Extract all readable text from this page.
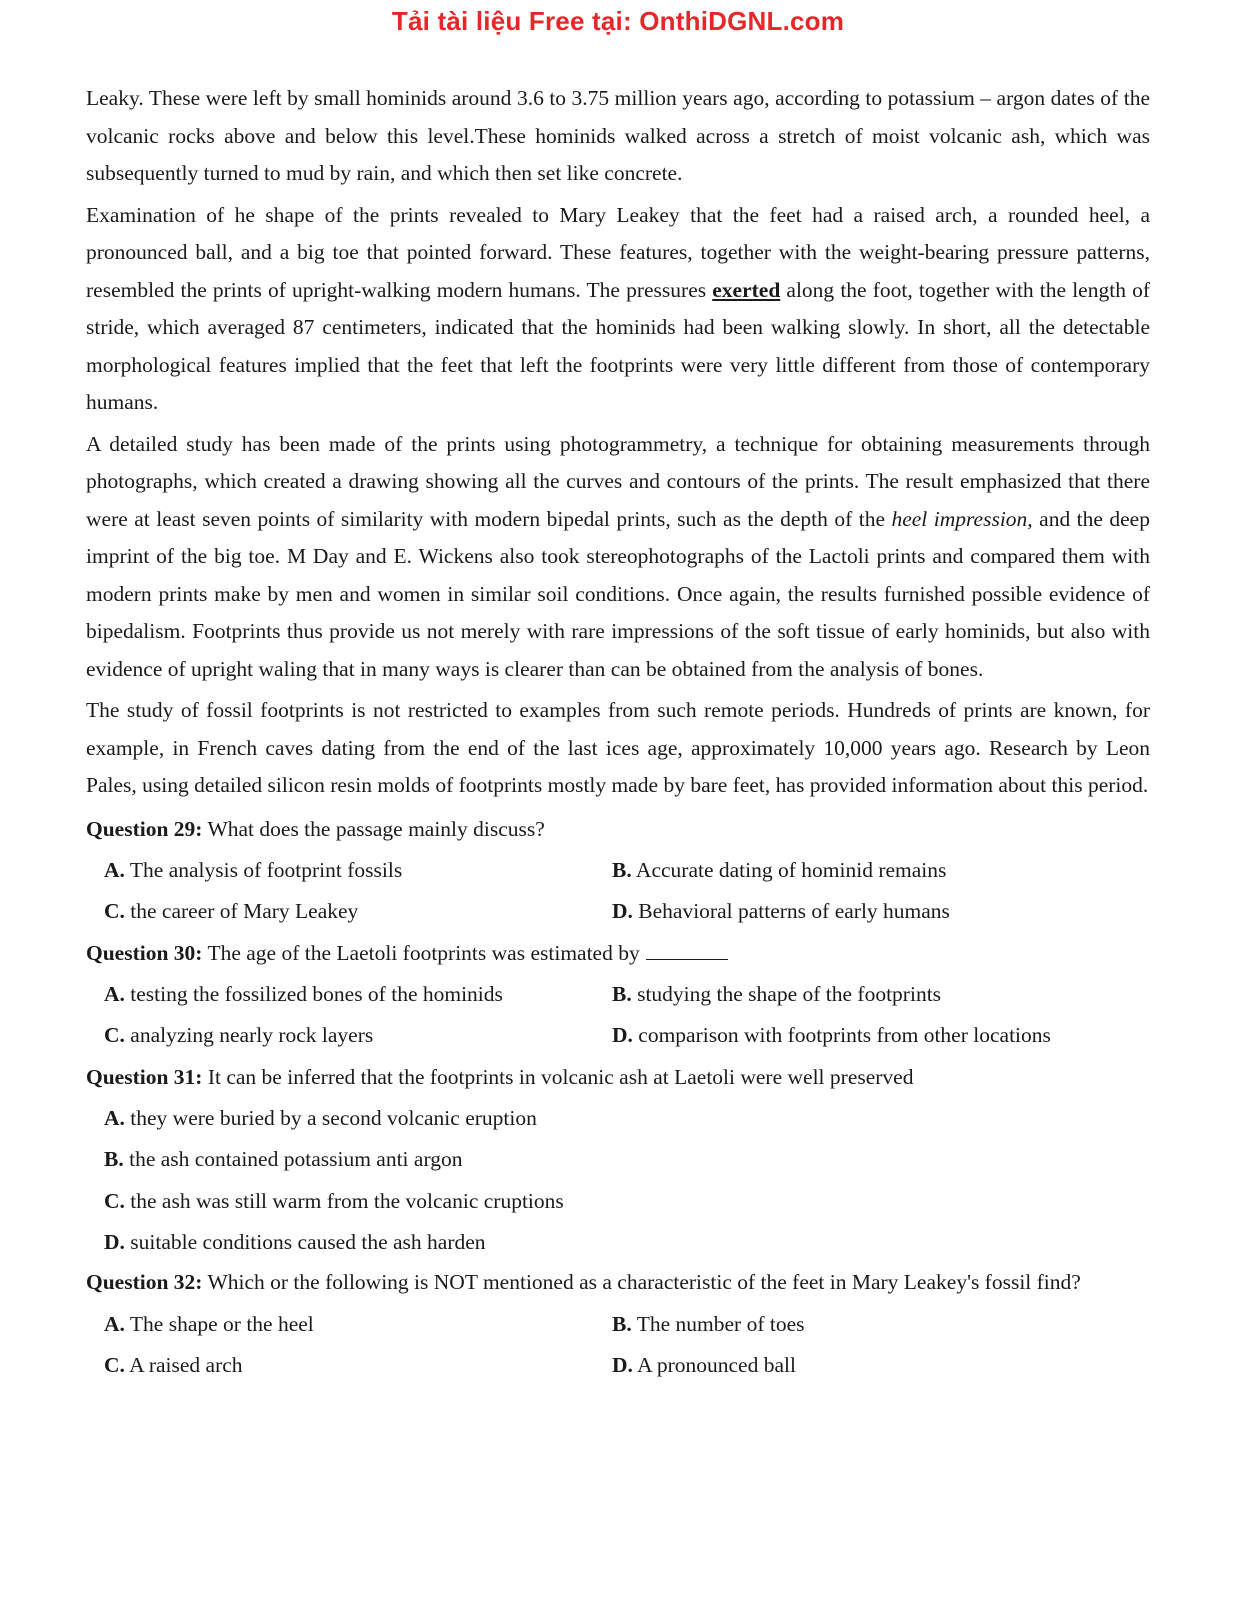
Tải tài liệu Free tại: OnthiDGNL.com

Leaky. These were left by small hominids around 3.6 to 3.75 million years ago, according to potassium – argon dates of the volcanic rocks above and below this level.These hominids walked across a stretch of moist volcanic ash, which was subsequently turned to mud by rain, and which then set like concrete.

Examination of he shape of the prints revealed to Mary Leakey that the feet had a raised arch, a rounded heel, a pronounced ball, and a big toe that pointed forward. These features, together with the weight-bearing pressure patterns, resembled the prints of upright-walking modern humans. The pressures exerted along the foot, together with the length of stride, which averaged 87 centimeters, indicated that the hominids had been walking slowly. In short, all the detectable morphological features implied that the feet that left the footprints were very little different from those of contemporary humans.

A detailed study has been made of the prints using photogrammetry, a technique for obtaining measurements through photographs, which created a drawing showing all the curves and contours of the prints. The result emphasized that there were at least seven points of similarity with modern bipedal prints, such as the depth of the heel impression, and the deep imprint of the big toe. M Day and E. Wickens also took stereophotographs of the Lactoli prints and compared them with modern prints make by men and women in similar soil conditions. Once again, the results furnished possible evidence of bipedalism. Footprints thus provide us not merely with rare impressions of the soft tissue of early hominids, but also with evidence of upright waling that in many ways is clearer than can be obtained from the analysis of bones.

The study of fossil footprints is not restricted to examples from such remote periods. Hundreds of prints are known, for example, in French caves dating from the end of the last ices age, approximately 10,000 years ago. Research by Leon Pales, using detailed silicon resin molds of footprints mostly made by bare feet, has provided information about this period.

Question 29: What does the passage mainly discuss?

A. The analysis of footprint fossils	B. Accurate dating of hominid remains
C. the career of Mary Leakey	D. Behavioral patterns of early humans

Question 30: The age of the Laetoli footprints was estimated by

A. testing the fossilized bones of the hominids	B. studying the shape of the footprints
C. analyzing nearly rock layers	D. comparison with footprints from other locations

Question 31: It can be inferred that the footprints in volcanic ash at Laetoli were well preserved

A. they were buried by a second volcanic eruption
B. the ash contained potassium anti argon
C. the ash was still warm from the volcanic cruptions
D. suitable conditions caused the ash harden

Question 32: Which or the following is NOT mentioned as a characteristic of the feet in Mary Leakey's fossil find?

A. The shape or the heel	B. The number of toes
C. A raised arch	D. A pronounced ball
